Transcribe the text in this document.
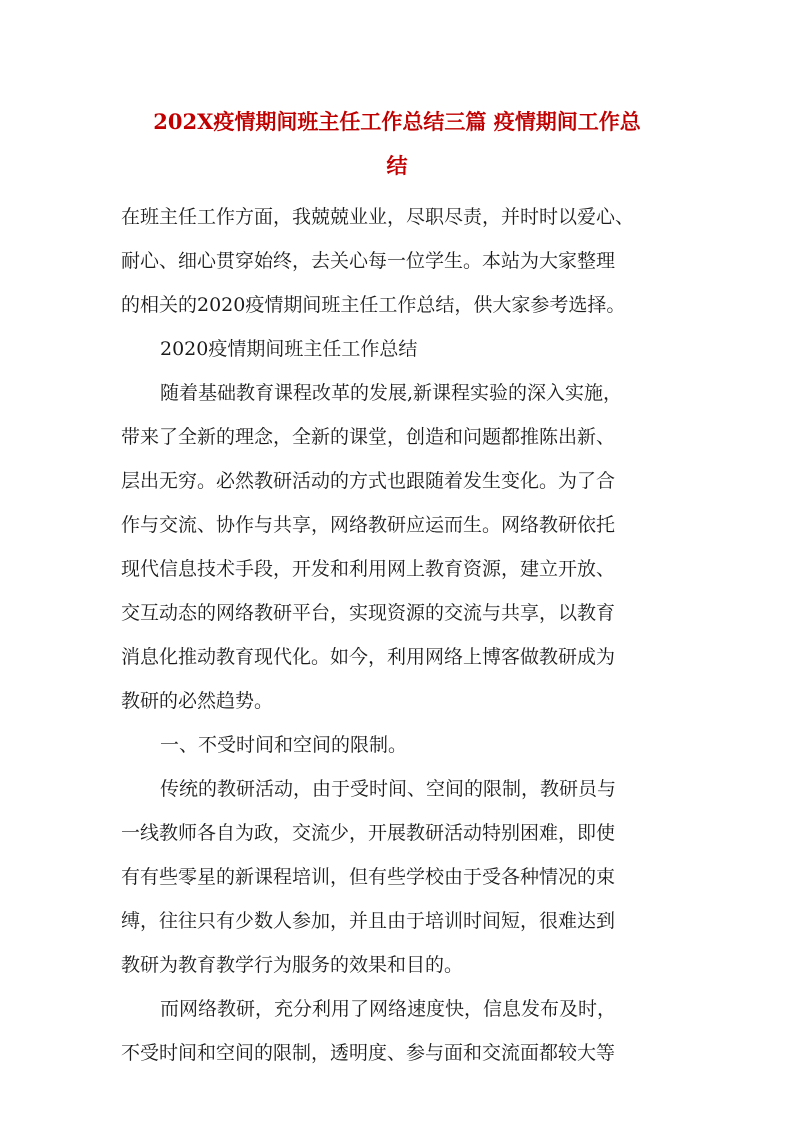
202X疫情期间班主任工作总结三篇 疫情期间工作总
结
在班主任工作方面，我兢兢业业，尽职尽责，并时时以爱心、
耐心、细心贯穿始终，去关心每一位学生。本站为大家整理
的相关的2020疫情期间班主任工作总结，供大家参考选择。
2020疫情期间班主任工作总结
随着基础教育课程改革的发展,新课程实验的深入实施，
带来了全新的理念，全新的课堂，创造和问题都推陈出新、
层出无穷。必然教研活动的方式也跟随着发生变化。为了合
作与交流、协作与共享，网络教研应运而生。网络教研依托
现代信息技术手段，开发和利用网上教育资源，建立开放、
交互动态的网络教研平台，实现资源的交流与共享，以教育
消息化推动教育现代化。如今，利用网络上博客做教研成为
教研的必然趋势。
一、不受时间和空间的限制。
传统的教研活动，由于受时间、空间的限制，教研员与
一线教师各自为政，交流少，开展教研活动特别困难，即使
有有些零星的新课程培训，但有些学校由于受各种情况的束
缚，往往只有少数人参加，并且由于培训时间短，很难达到
教研为教育教学行为服务的效果和目的。
而网络教研，充分利用了网络速度快，信息发布及时，
不受时间和空间的限制，透明度、参与面和交流面都较大等
